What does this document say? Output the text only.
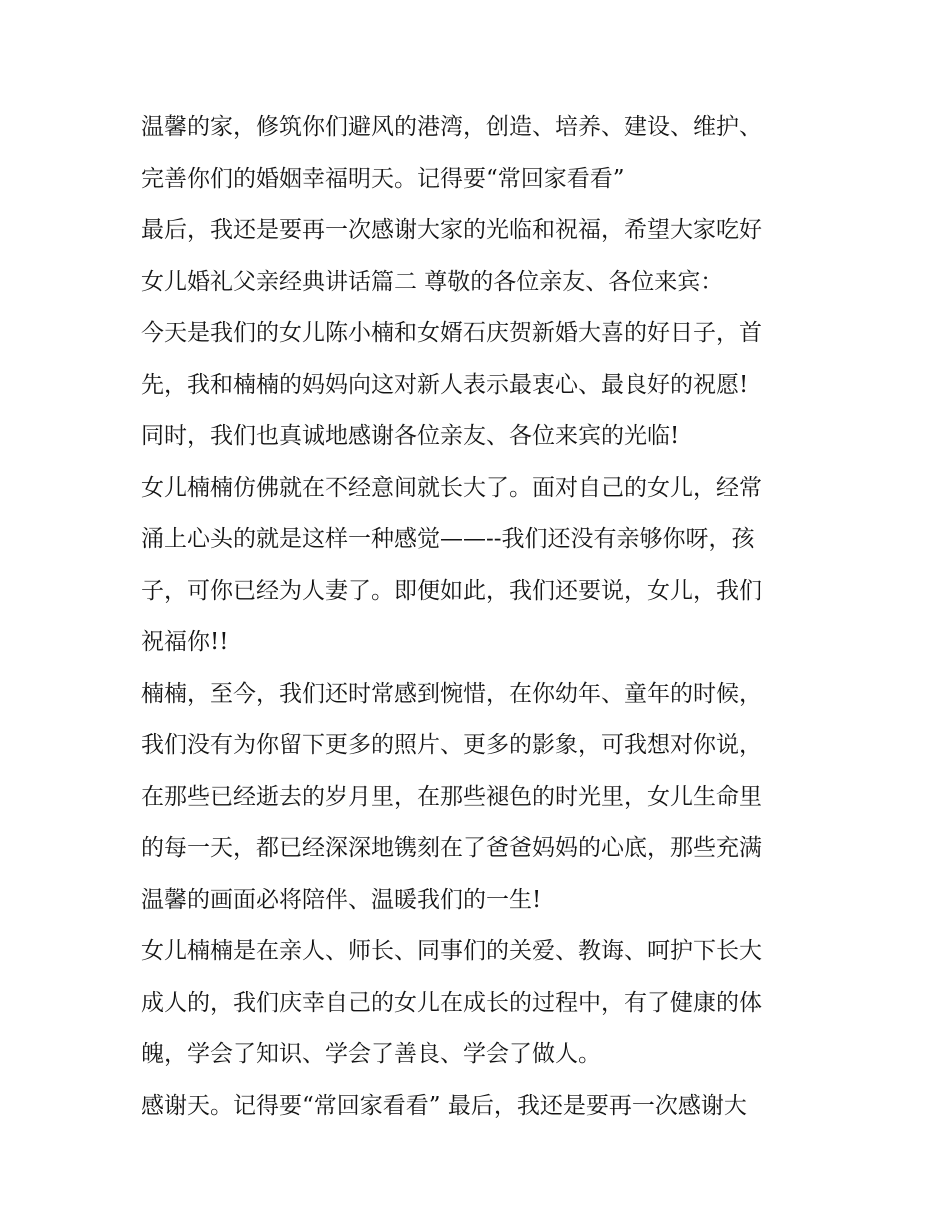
温馨的家，修筑你们避风的港湾，创造、培养、建设、维护、
完善你们的婚姻幸福明天。记得要“常回家看看”
最后，我还是要再一次感谢大家的光临和祝福，希望大家吃好
女儿婚礼父亲经典讲话篇二 尊敬的各位亲友、各位来宾：
今天是我们的女儿陈小楠和女婿石庆贺新婚大喜的好日子，首
先，我和楠楠的妈妈向这对新人表示最衷心、最良好的祝愿!
同时，我们也真诚地感谢各位亲友、各位来宾的光临!
女儿楠楠仿佛就在不经意间就长大了。面对自己的女儿，经常
涌上心头的就是这样一种感觉——--我们还没有亲够你呀，孩
子，可你已经为人妻了。即便如此，我们还要说，女儿，我们
祝福你!!
楠楠，至今，我们还时常感到惋惜，在你幼年、童年的时候，
我们没有为你留下更多的照片、更多的影象，可我想对你说，
在那些已经逝去的岁月里，在那些褪色的时光里，女儿生命里
的每一天，都已经深深地镌刻在了爸爸妈妈的心底，那些充满
温馨的画面必将陪伴、温暖我们的一生!
女儿楠楠是在亲人、师长、同事们的关爱、教诲、呵护下长大
成人的，我们庆幸自己的女儿在成长的过程中，有了健康的体
魄，学会了知识、学会了善良、学会了做人。
感谢天。记得要“常回家看看” 最后，我还是要再一次感谢大
